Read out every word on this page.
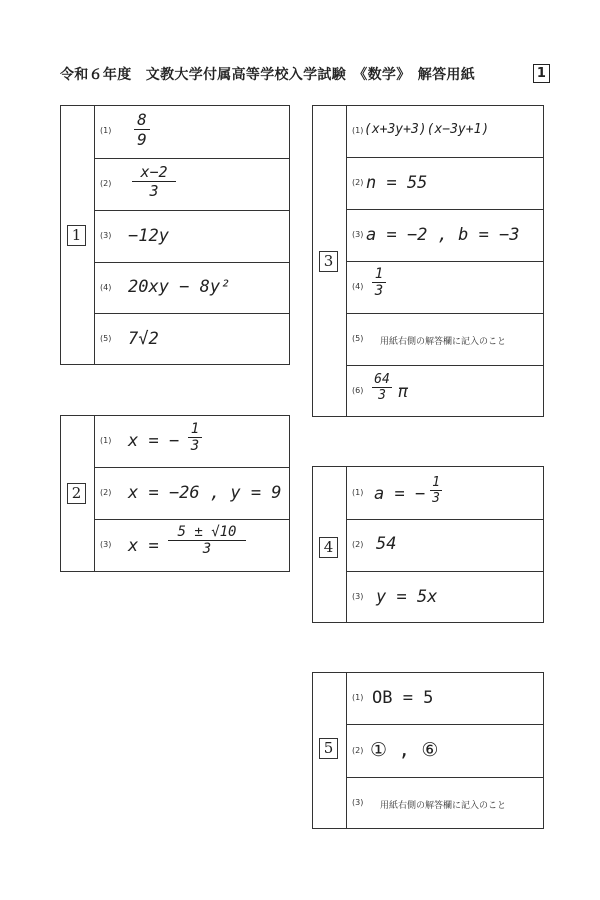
令和６年度　文教大学付属高等学校入学試験　《数学》　解答用紙	1
1
(1)
8
9
(2)
x−2
3
(3) −12y
(4) 20xy − 8y²
(5) 7√2
2
(1) x = −
1
3
(2) x = −26 , y = 9
(3) x =
5 ± √10
3
3
(1) (x+3y+3)(x−3y+1)
(2) n = 55
(3) a = −2 , b = −3
(4)
1
3
(5) 用紙右側の解答欄に記入のこと
(6)
64
3 π
4
(1) a = −
1
3
(2) 54
(3) y = 5x
5
(1) OB = 5
(2) ① , ⑥
(3) 用紙右側の解答欄に記入のこと
